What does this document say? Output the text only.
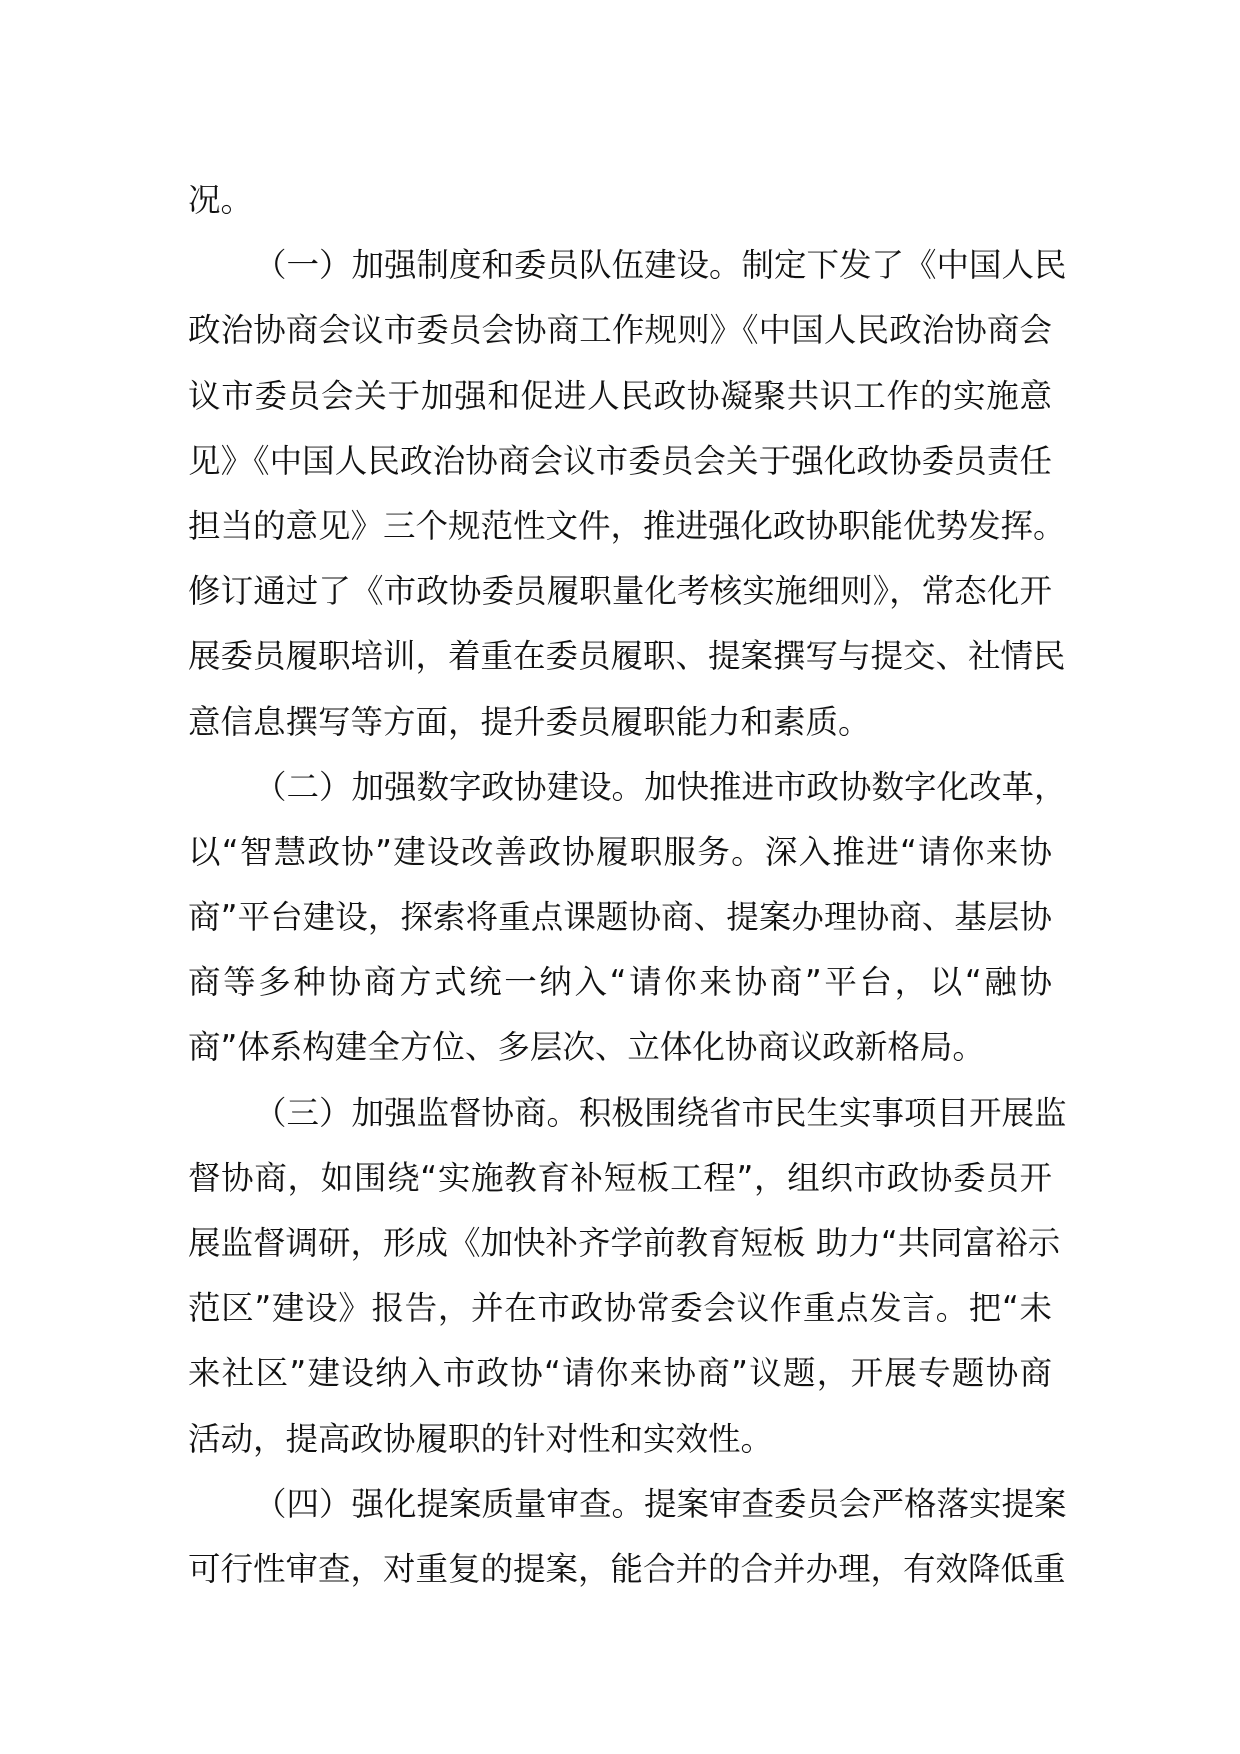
况。
（一）加强制度和委员队伍建设。制定下发了《中国人民
政治协商会议市委员会协商工作规则》《中国人民政治协商会
议市委员会关于加强和促进人民政协凝聚共识工作的实施意
见》《中国人民政治协商会议市委员会关于强化政协委员责任
担当的意见》三个规范性文件，推进强化政协职能优势发挥。
修订通过了《市政协委员履职量化考核实施细则》，常态化开
展委员履职培训，着重在委员履职、提案撰写与提交、社情民
意信息撰写等方面，提升委员履职能力和素质。
（二）加强数字政协建设。加快推进市政协数字化改革，
以“智慧政协”建设改善政协履职服务。深入推进“请你来协
商”平台建设，探索将重点课题协商、提案办理协商、基层协
商等多种协商方式统一纳入“请你来协商”平台，以“融协
商”体系构建全方位、多层次、立体化协商议政新格局。
（三）加强监督协商。积极围绕省市民生实事项目开展监
督协商，如围绕“实施教育补短板工程”，组织市政协委员开
展监督调研，形成《加快补齐学前教育短板 助力“共同富裕示
范区”建设》报告，并在市政协常委会议作重点发言。把“未
来社区”建设纳入市政协“请你来协商”议题，开展专题协商
活动，提高政协履职的针对性和实效性。
（四）强化提案质量审查。提案审查委员会严格落实提案
可行性审查，对重复的提案，能合并的合并办理，有效降低重
